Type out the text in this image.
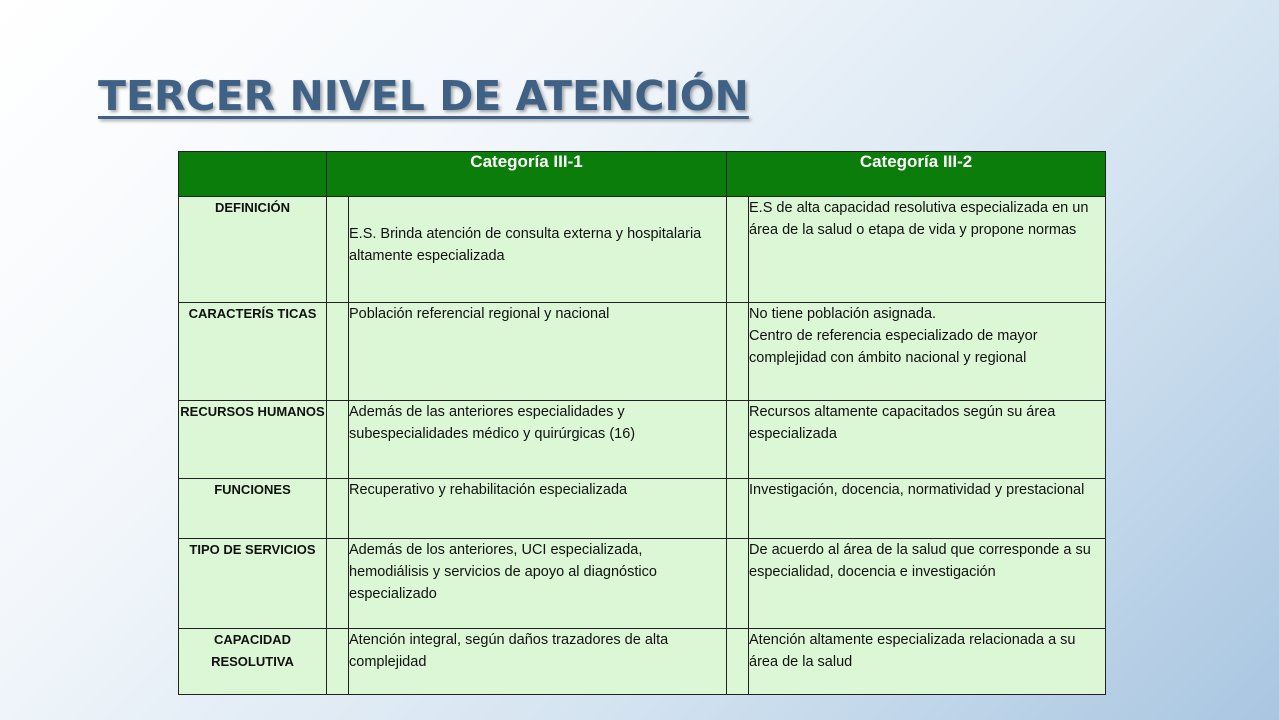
TERCER NIVEL DE ATENCIÓN
	Categoría III-1		Categoría III-2	
DEFINICIÓN		E.S. Brinda atención de consulta externa y hospitalaria altamente especializada		E.S de alta capacidad resolutiva especializada en un área de la salud o etapa de vida y propone normas
CARACTERÍS TICAS		Población referencial regional y nacional		No tiene población asignada.
Centro de referencia especializado de mayor complejidad con ámbito nacional y regional
RECURSOS HUMANOS		Además de las anteriores especialidades y subespecialidades médico y quirúrgicas (16)		Recursos altamente capacitados según su área especializada
FUNCIONES		Recuperativo y rehabilitación especializada		Investigación, docencia, normatividad y prestacional
TIPO DE SERVICIOS		Además de los anteriores, UCI especializada, hemodiálisis y servicios de apoyo al diagnóstico especializado		De acuerdo al área de la salud que corresponde a su especialidad, docencia e investigación
CAPACIDAD RESOLUTIVA		Atención integral, según daños trazadores de alta complejidad		Atención altamente especializada relacionada a su área de la salud
